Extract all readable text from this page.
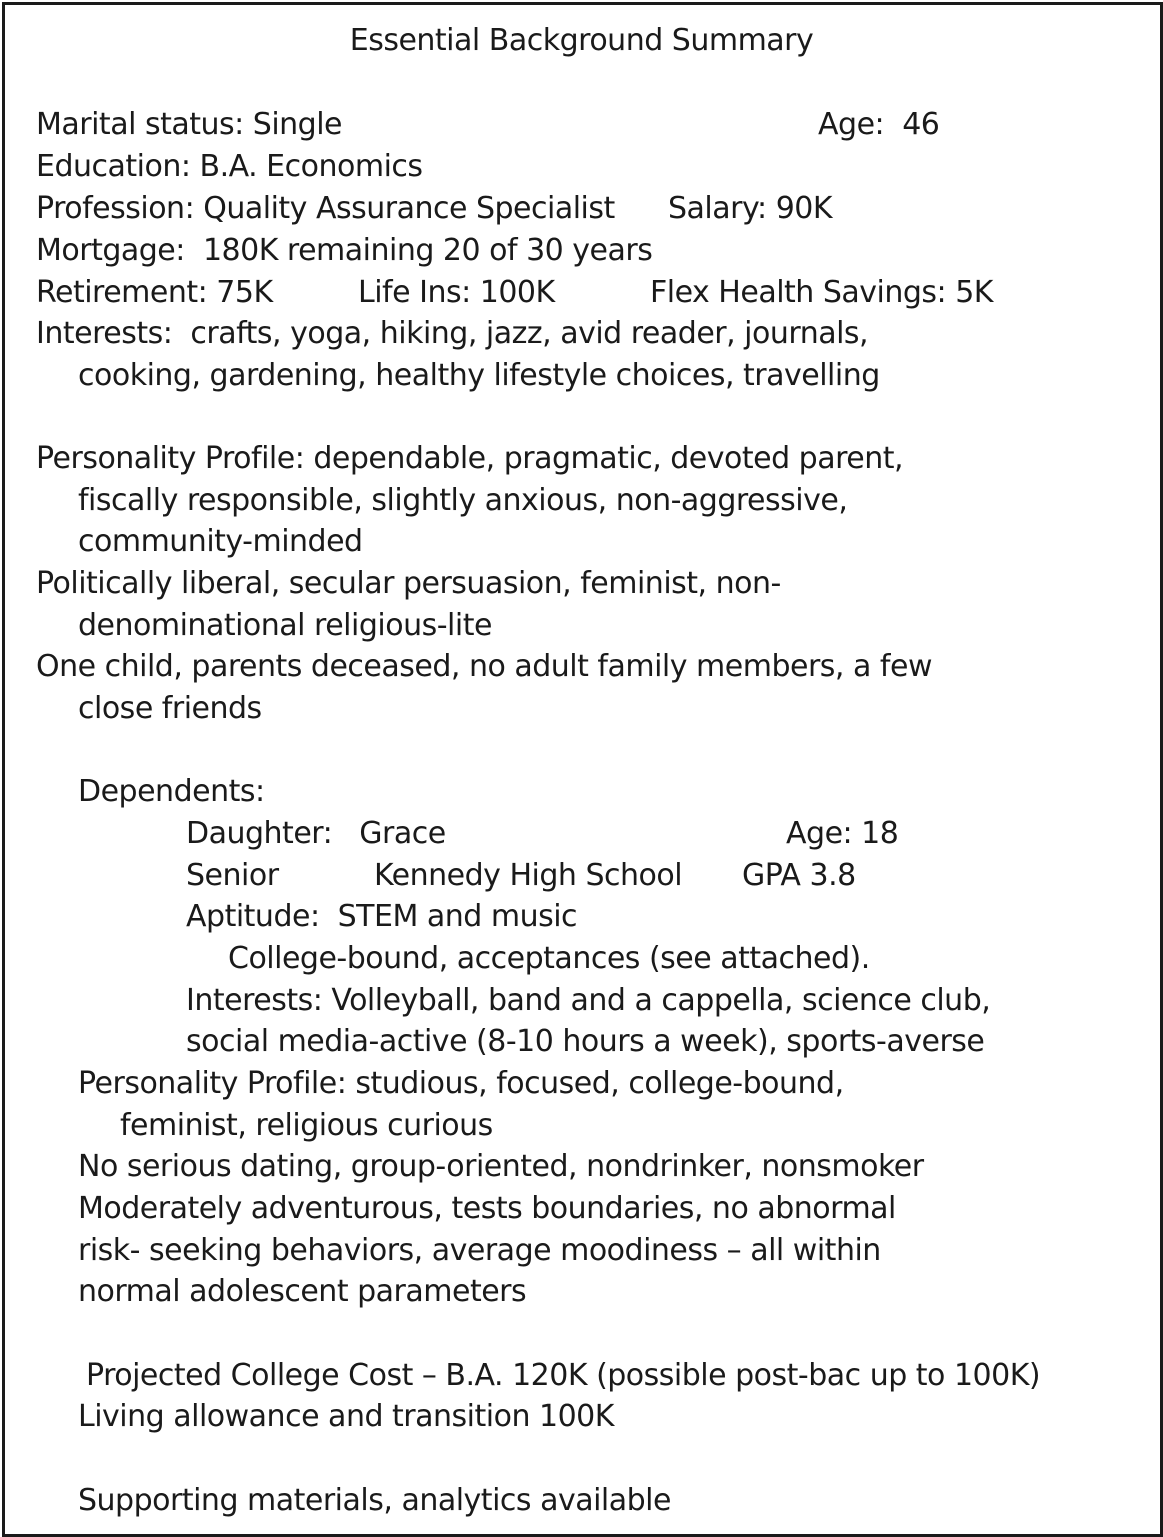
Essential Background Summary
Marital status: Single	Age:  46
Education: B.A. Economics
Profession: Quality Assurance Specialist Salary: 90K
Mortgage:  180K remaining 20 of 30 years
Retirement: 75K	Life Ins: 100K	Flex Health Savings: 5K
Interests:  crafts, yoga, hiking, jazz, avid reader, journals,
cooking, gardening, healthy lifestyle choices, travelling
Personality Profile: dependable, pragmatic, devoted parent,
fiscally responsible, slightly anxious, non-aggressive,
community-minded
Politically liberal, secular persuasion, feminist, non-
denominational religious-lite
One child, parents deceased, no adult family members, a few
close friends
Dependents:
Daughter:   Grace	Age: 18
Senior	Kennedy High School GPA 3.8
Aptitude:  STEM and music
College-bound, acceptances (see attached).
Interests: Volleyball, band and a cappella, science club,
social media-active (8-10 hours a week), sports-averse
Personality Profile: studious, focused, college-bound,
feminist, religious curious
No serious dating, group-oriented, nondrinker, nonsmoker
Moderately adventurous, tests boundaries, no abnormal
risk- seeking behaviors, average moodiness – all within
normal adolescent parameters
Projected College Cost – B.A. 120K (possible post-bac up to 100K)
Living allowance and transition 100K
Supporting materials, analytics available
